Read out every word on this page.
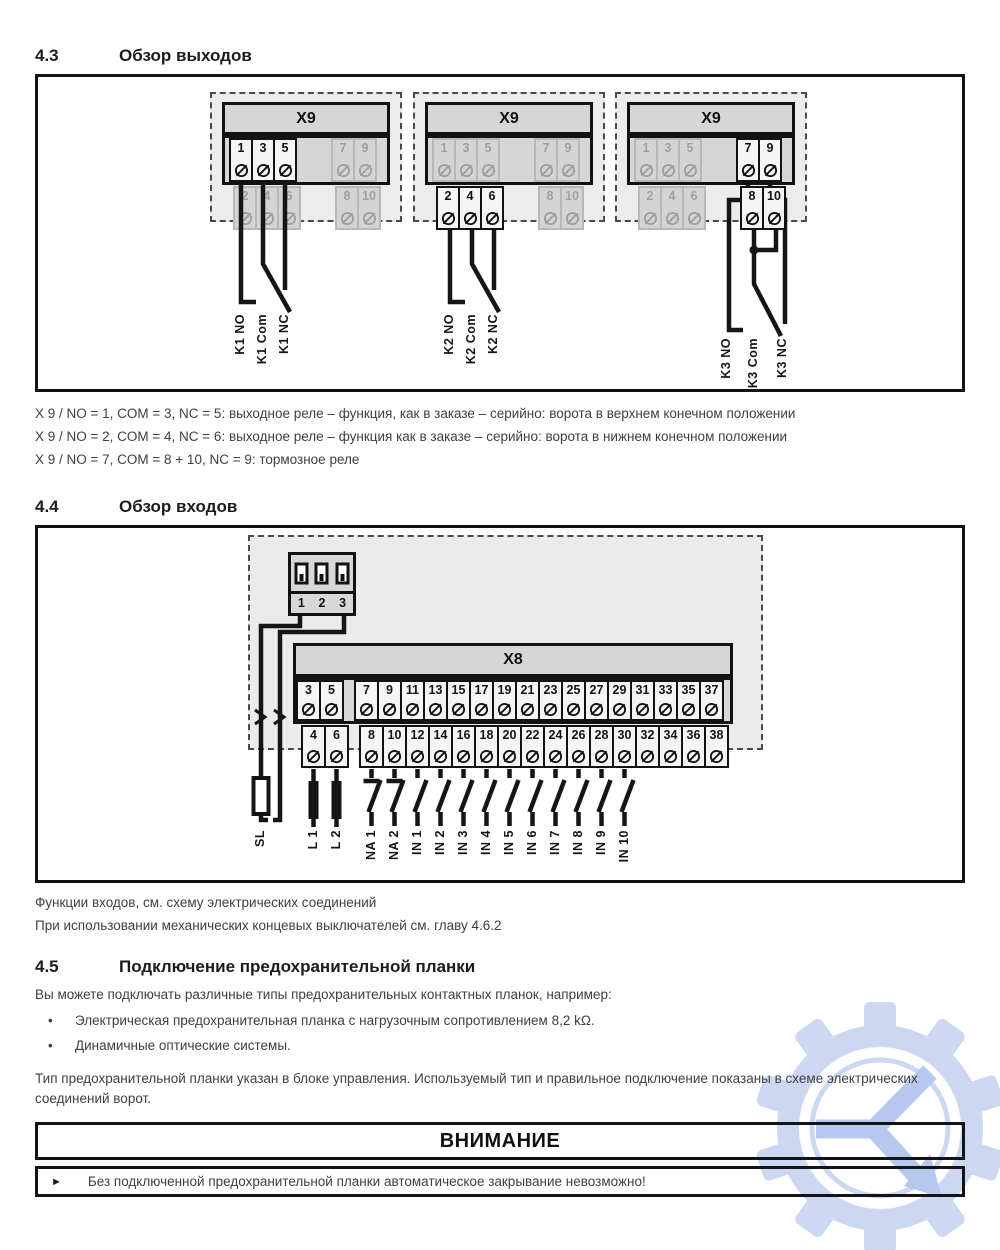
4.3	Обзор выходов
X9
1 3 5	7 9
2 4 6	8 10
K1 NO K1 Com K1 NC
X9
1 3 5	7 9
2 4 6	8 10
K2 NO K2 Com K2 NC
X9
1 3 5	7 9
2 4 6	8 10
K3 NO K3 Com K3 NC
X 9 / NO = 1, COM = 3, NC = 5: выходное реле – функция, как в заказе – серийно: ворота в верхнем конечном положении
X 9 / NO = 2, COM = 4, NC = 6: выходное реле – функция как в заказе – серийно: ворота в нижнем конечном положении
X 9 / NO = 7, COM = 8 + 10, NC = 9: тормозное реле
4.4	Обзор входов
1 2 3
X8
3 5 7 9 11 13 15 17 19 21 23 25 27 29 31 33 35 37
4 6 8 10 12 14 16 18 20 22 24 26 28 30 32 34 36 38
SL	L 1 L 2 NA 1 NA 2 IN 1 IN 2 IN 3 IN 4 IN 5 IN 6 IN 7 IN 8 IN 9 IN 10
Функции входов, см. схему электрических соединений
При использовании механических концевых выключателей см. главу 4.6.2
4.5	Подключение предохранительной планки

Вы можете подключать различные типы предохранительных контактных планок, например:

•	Электрическая предохранительная планка с нагрузочным сопротивлением 8,2 kΩ.
•	Динамичные оптические системы.

Тип предохранительной планки указан в блоке управления. Используемый тип и правильное подключение показаны в схеме электрических соединений ворот.

ВНИМАНИЕ
► Без подключенной предохранительной планки автоматическое закрывание невозможно!
